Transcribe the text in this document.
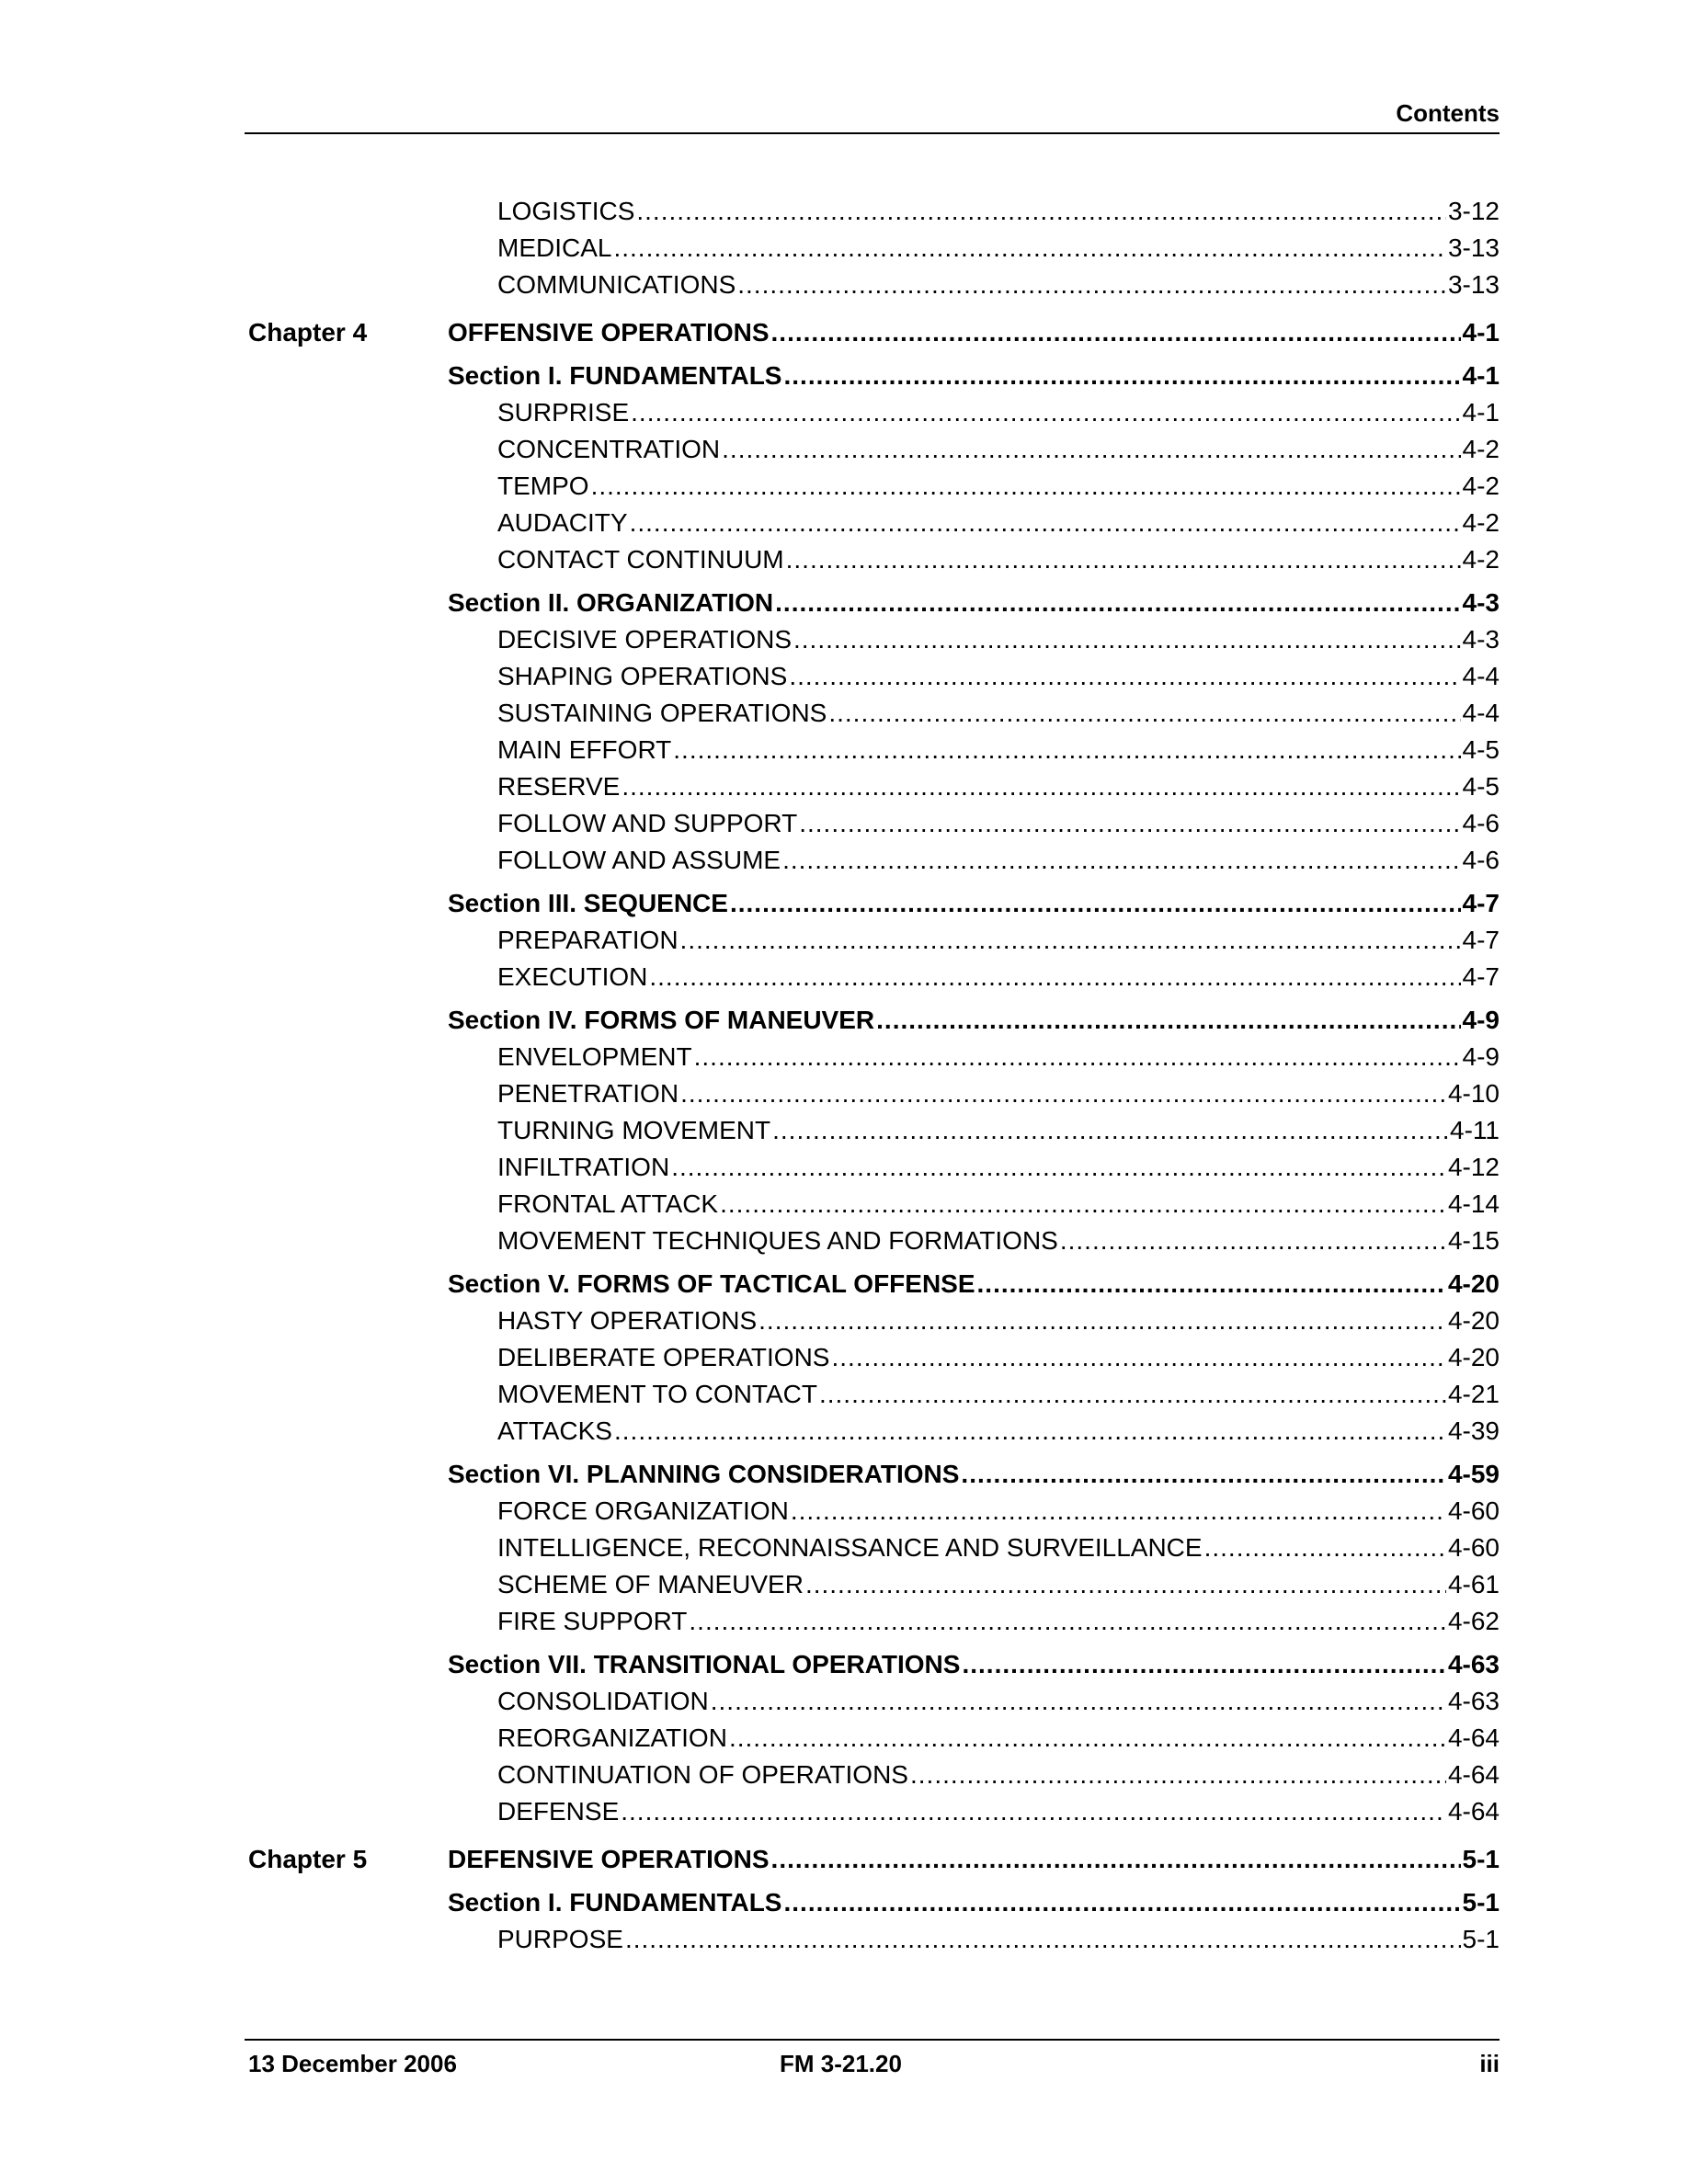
Contents
LOGISTICS .....	3-12
MEDICAL .....	3-13
COMMUNICATIONS .....	3-13
Chapter 4	OFFENSIVE OPERATIONS .....	4-1
Section I. FUNDAMENTALS .....	4-1
SURPRISE .....	4-1
CONCENTRATION .....	4-2
TEMPO .....	4-2
AUDACITY .....	4-2
CONTACT CONTINUUM .....	4-2
Section II. ORGANIZATION .....	4-3
DECISIVE OPERATIONS .....	4-3
SHAPING OPERATIONS .....	4-4
SUSTAINING OPERATIONS .....	4-4
MAIN EFFORT .....	4-5
RESERVE .....	4-5
FOLLOW AND SUPPORT .....	4-6
FOLLOW AND ASSUME .....	4-6
Section III. SEQUENCE .....	4-7
PREPARATION .....	4-7
EXECUTION .....	4-7
Section IV. FORMS OF MANEUVER .....	4-9
ENVELOPMENT .....	4-9
PENETRATION .....	4-10
TURNING MOVEMENT .....	4-11
INFILTRATION .....	4-12
FRONTAL ATTACK .....	4-14
MOVEMENT TECHNIQUES AND FORMATIONS .....	4-15
Section V. FORMS OF TACTICAL OFFENSE .....	4-20
HASTY OPERATIONS .....	4-20
DELIBERATE OPERATIONS .....	4-20
MOVEMENT TO CONTACT .....	4-21
ATTACKS .....	4-39
Section VI. PLANNING CONSIDERATIONS .....	4-59
FORCE ORGANIZATION .....	4-60
INTELLIGENCE, RECONNAISSANCE AND SURVEILLANCE .....	4-60
SCHEME OF MANEUVER .....	4-61
FIRE SUPPORT .....	4-62
Section VII. TRANSITIONAL OPERATIONS .....	4-63
CONSOLIDATION .....	4-63
REORGANIZATION .....	4-64
CONTINUATION OF OPERATIONS .....	4-64
DEFENSE .....	4-64
Chapter 5	DEFENSIVE OPERATIONS .....	5-1
Section I. FUNDAMENTALS .....	5-1
PURPOSE .....	5-1
13 December 2006	FM 3-21.20	iii
